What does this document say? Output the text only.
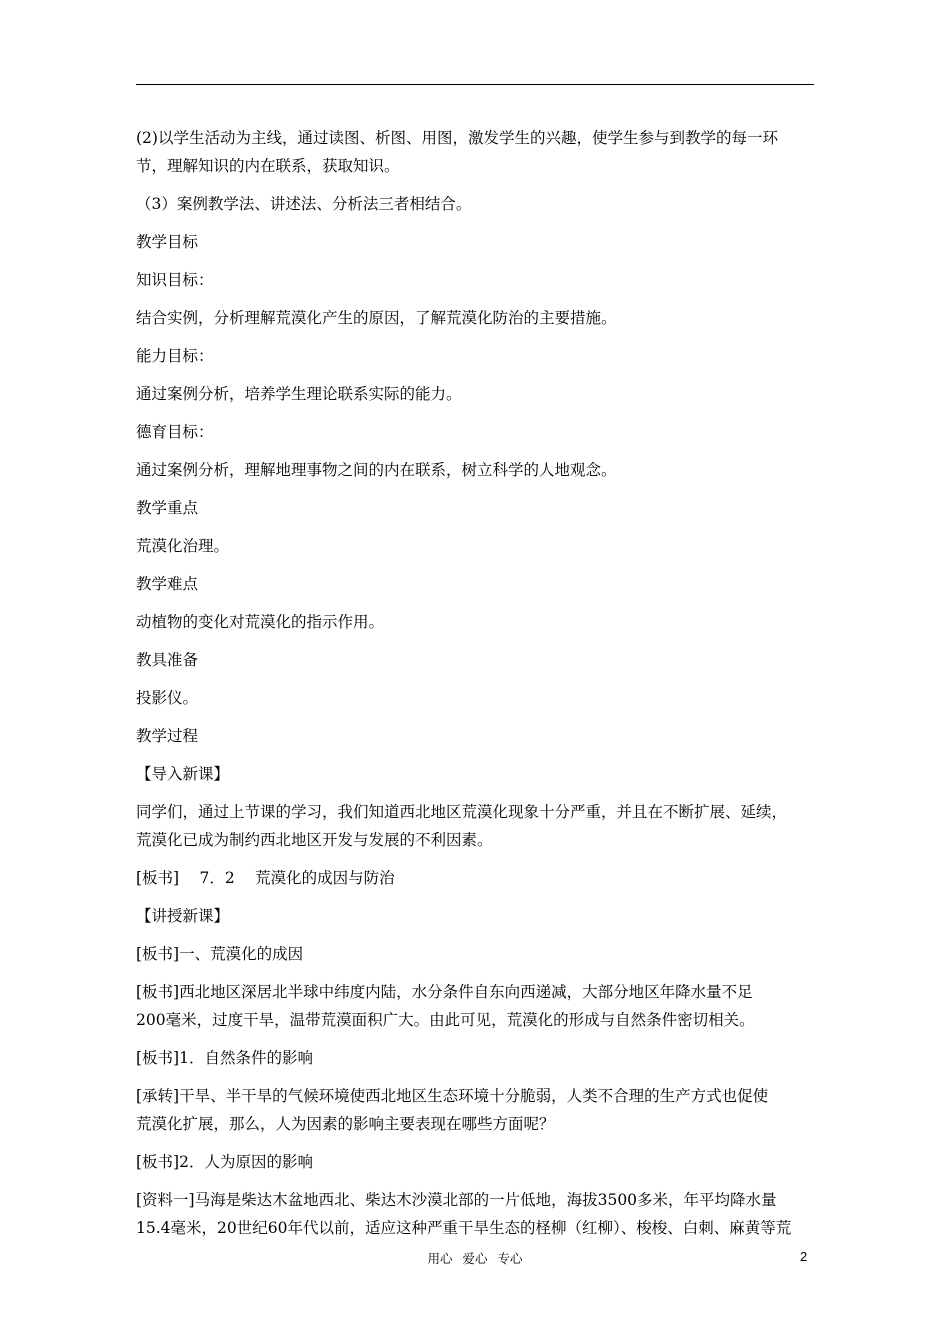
(2)以学生活动为主线，通过读图、析图、用图，激发学生的兴趣，使学生参与到教学的每一环
节，理解知识的内在联系，获取知识。

（3）案例教学法、讲述法、分析法三者相结合。

教学目标

知识目标：

结合实例，分析理解荒漠化产生的原因，了解荒漠化防治的主要措施。

能力目标：

通过案例分析，培养学生理论联系实际的能力。

德育目标：

通过案例分析，理解地理事物之间的内在联系，树立科学的人地观念。

教学重点

荒漠化治理。

教学难点

动植物的变化对荒漠化的指示作用。

教具准备

投影仪。

教学过程

【导入新课】

同学们，通过上节课的学习，我们知道西北地区荒漠化现象十分严重，并且在不断扩展、延续，
荒漠化已成为制约西北地区开发与发展的不利因素。

[板书]　 7．2　 荒漠化的成因与防治

【讲授新课】

[板书]一、荒漠化的成因

[板书]西北地区深居北半球中纬度内陆，水分条件自东向西递减，大部分地区年降水量不足
200毫米，过度干旱，温带荒漠面积广大。由此可见，荒漠化的形成与自然条件密切相关。

[板书]1．自然条件的影响

[承转]干旱、半干旱的气候环境使西北地区生态环境十分脆弱，人类不合理的生产方式也促使
荒漠化扩展，那么，人为因素的影响主要表现在哪些方面呢？

[板书]2．人为原因的影响

[资料一]马海是柴达木盆地西北、柴达木沙漠北部的一片低地，海拔3500多米，年平均降水量
15.4毫米，20世纪60年代以前，适应这种严重干旱生态的柽柳（红柳）、梭梭、白刺、麻黄等荒

用心 爱心 专心	2
